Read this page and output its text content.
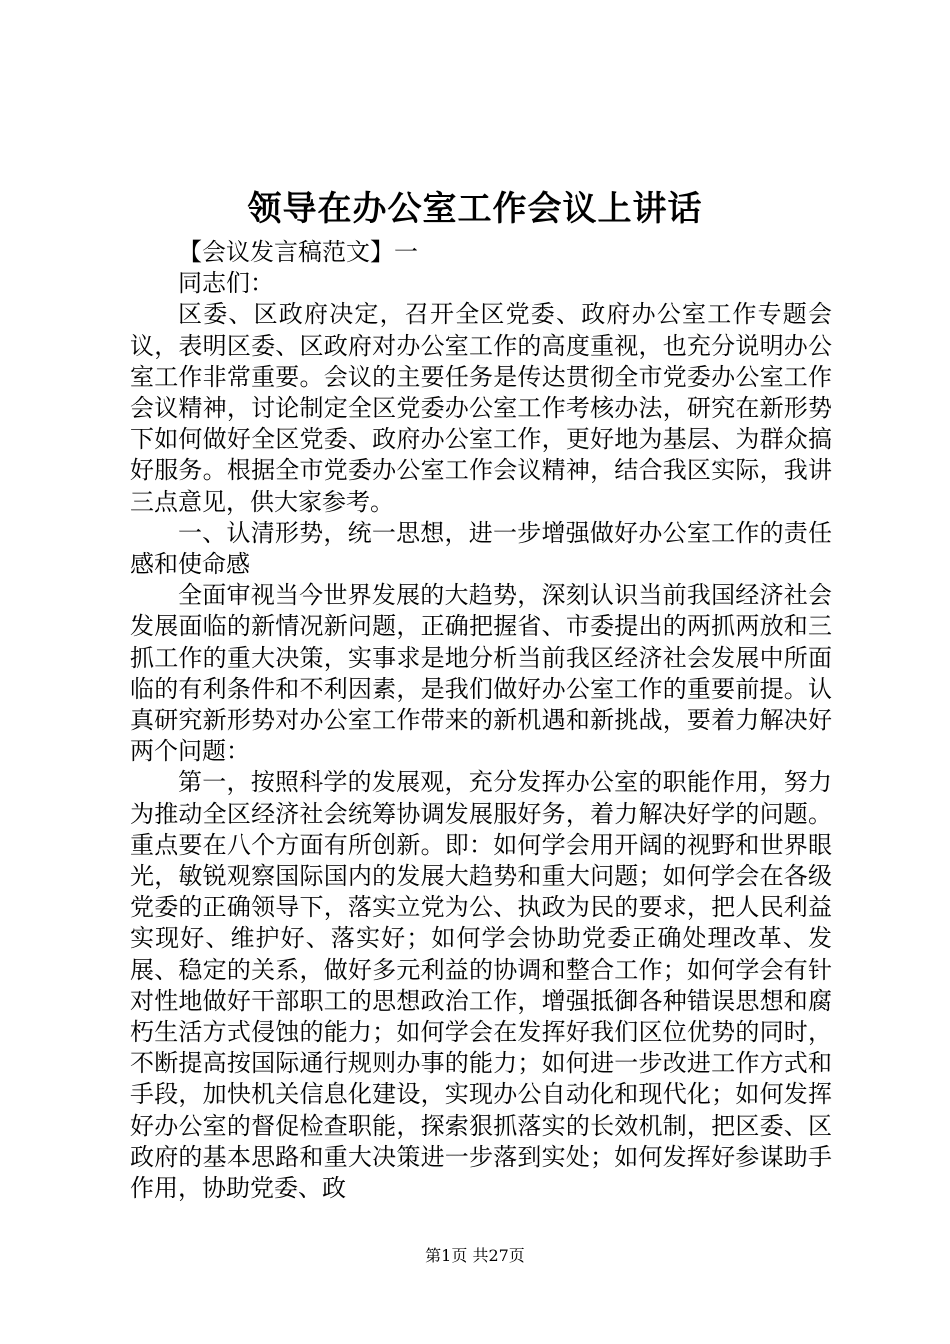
领导在办公室工作会议上讲话

【会议发言稿范文】一

同志们：

区委、区政府决定，召开全区党委、政府办公室工作专题会议，表明区委、区政府对办公室工作的高度重视，也充分说明办公室工作非常重要。会议的主要任务是传达贯彻全市党委办公室工作会议精神，讨论制定全区党委办公室工作考核办法，研究在新形势下如何做好全区党委、政府办公室工作，更好地为基层、为群众搞好服务。根据全市党委办公室工作会议精神，结合我区实际，我讲三点意见，供大家参考。

一、认清形势，统一思想，进一步增强做好办公室工作的责任感和使命感

全面审视当今世界发展的大趋势，深刻认识当前我国经济社会发展面临的新情况新问题，正确把握省、市委提出的两抓两放和三抓工作的重大决策，实事求是地分析当前我区经济社会发展中所面临的有利条件和不利因素，是我们做好办公室工作的重要前提。认真研究新形势对办公室工作带来的新机遇和新挑战，要着力解决好两个问题：

第一，按照科学的发展观，充分发挥办公室的职能作用，努力为推动全区经济社会统筹协调发展服好务，着力解决好学的问题。重点要在八个方面有所创新。即：如何学会用开阔的视野和世界眼光，敏锐观察国际国内的发展大趋势和重大问题；如何学会在各级党委的正确领导下，落实立党为公、执政为民的要求，把人民利益实现好、维护好、落实好；如何学会协助党委正确处理改革、发展、稳定的关系，做好多元利益的协调和整合工作；如何学会有针对性地做好干部职工的思想政治工作，增强抵御各种错误思想和腐朽生活方式侵蚀的能力；如何学会在发挥好我们区位优势的同时，不断提高按国际通行规则办事的能力；如何进一步改进工作方式和手段，加快机关信息化建设，实现办公自动化和现代化；如何发挥好办公室的督促检查职能，探索狠抓落实的长效机制，把区委、区政府的基本思路和重大决策进一步落到实处；如何发挥好参谋助手作用，协助党委、政

第1页 共27页
